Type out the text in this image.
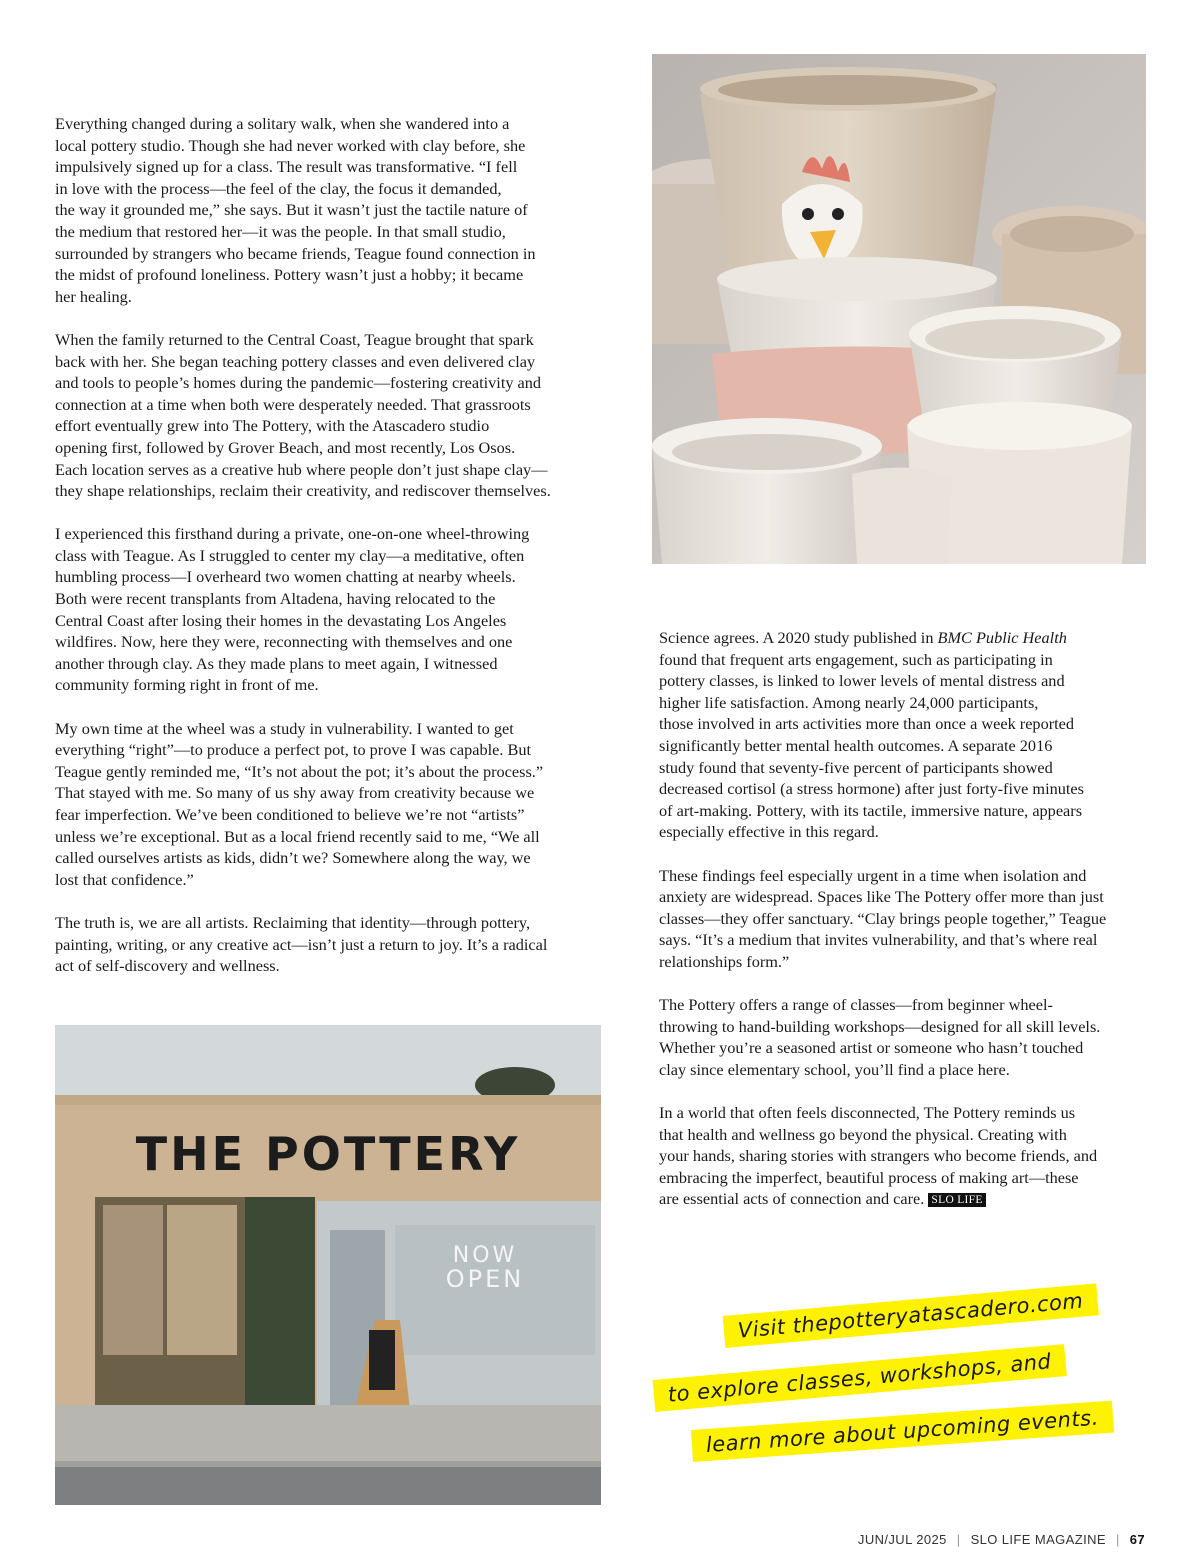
Everything changed during a solitary walk, when she wandered into a
local pottery studio. Though she had never worked with clay before, she
impulsively signed up for a class. The result was transformative. “I fell
in love with the process—the feel of the clay, the focus it demanded,
the way it grounded me,” she says. But it wasn’t just the tactile nature of
the medium that restored her—it was the people. In that small studio,
surrounded by strangers who became friends, Teague found connection in
the midst of profound loneliness. Pottery wasn’t just a hobby; it became
her healing.

When the family returned to the Central Coast, Teague brought that spark
back with her. She began teaching pottery classes and even delivered clay
and tools to people’s homes during the pandemic—fostering creativity and
connection at a time when both were desperately needed. That grassroots
effort eventually grew into The Pottery, with the Atascadero studio
opening first, followed by Grover Beach, and most recently, Los Osos.
Each location serves as a creative hub where people don’t just shape clay—
they shape relationships, reclaim their creativity, and rediscover themselves.

I experienced this firsthand during a private, one-on-one wheel-throwing
class with Teague. As I struggled to center my clay—a meditative, often
humbling process—I overheard two women chatting at nearby wheels.
Both were recent transplants from Altadena, having relocated to the
Central Coast after losing their homes in the devastating Los Angeles
wildfires. Now, here they were, reconnecting with themselves and one
another through clay. As they made plans to meet again, I witnessed
community forming right in front of me.

My own time at the wheel was a study in vulnerability. I wanted to get
everything “right”—to produce a perfect pot, to prove I was capable. But
Teague gently reminded me, “It’s not about the pot; it’s about the process.”
That stayed with me. So many of us shy away from creativity because we
fear imperfection. We’ve been conditioned to believe we’re not “artists”
unless we’re exceptional. But as a local friend recently said to me, “We all
called ourselves artists as kids, didn’t we? Somewhere along the way, we
lost that confidence.”

The truth is, we are all artists. Reclaiming that identity—through pottery,
painting, writing, or any creative act—isn’t just a return to joy. It’s a radical
act of self-discovery and wellness.

Science agrees. A 2020 study published in BMC Public Health
found that frequent arts engagement, such as participating in
pottery classes, is linked to lower levels of mental distress and
higher life satisfaction. Among nearly 24,000 participants,
those involved in arts activities more than once a week reported
significantly better mental health outcomes. A separate 2016
study found that seventy-five percent of participants showed
decreased cortisol (a stress hormone) after just forty-five minutes
of art-making. Pottery, with its tactile, immersive nature, appears
especially effective in this regard.

These findings feel especially urgent in a time when isolation and
anxiety are widespread. Spaces like The Pottery offer more than just
classes—they offer sanctuary. “Clay brings people together,” Teague
says. “It’s a medium that invites vulnerability, and that’s where real
relationships form.”

The Pottery offers a range of classes—from beginner wheel-
throwing to hand-building workshops—designed for all skill levels.
Whether you’re a seasoned artist or someone who hasn’t touched
clay since elementary school, you’ll find a place here.

In a world that often feels disconnected, The Pottery reminds us
that health and wellness go beyond the physical. Creating with
your hands, sharing stories with strangers who become friends, and
embracing the imperfect, beautiful process of making art—these
are essential acts of connection and care. SLO LIFE

THE POTTERY
NOW
OPEN
Visit thepotteryatascadero.com
to explore classes, workshops, and
learn more about upcoming events.
JUN/JUL 2025 | SLO LIFE MAGAZINE | 67
